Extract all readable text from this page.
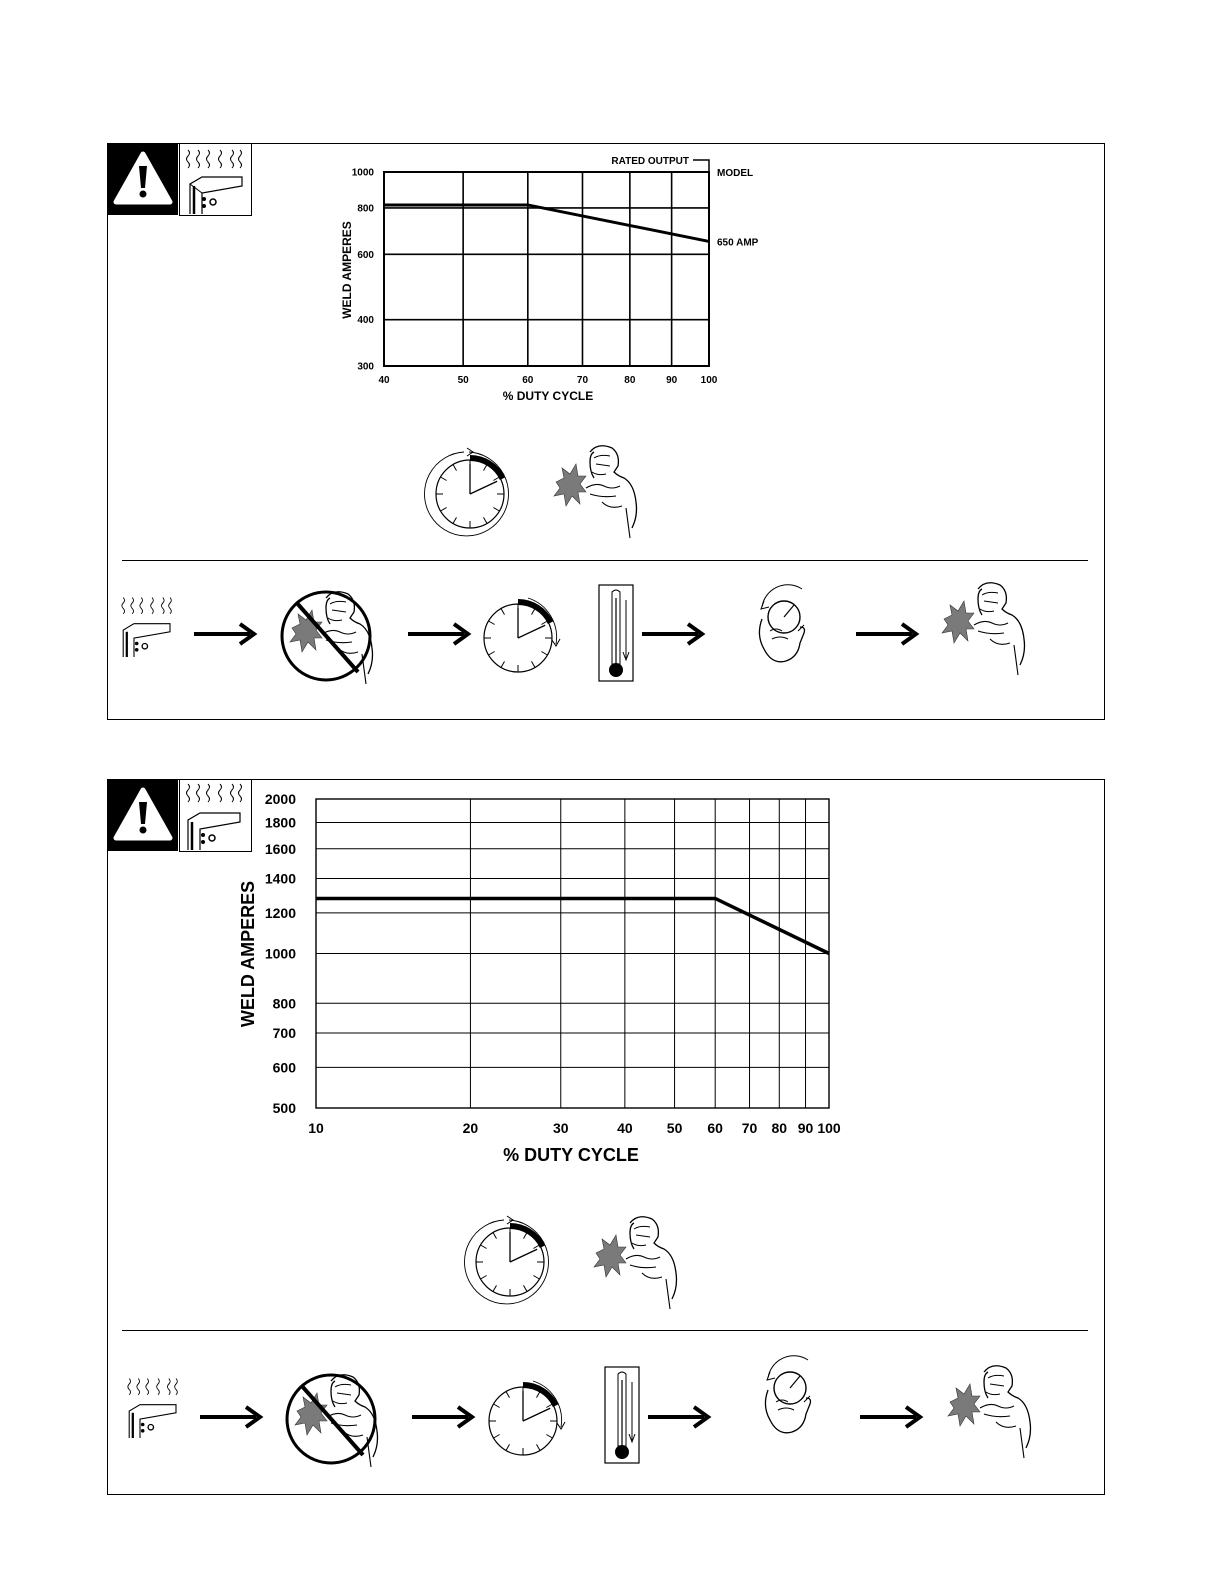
40	50	60	70	80	90 100
300
400
600
800
1000
% DUTY CYCLE
WELD AMPERES
RATED OUTPUT
MODEL
650 AMP
10	20	30	40 50 60 70 80 90 100
500
600
700
800
1000
1200
1400
1600
1800
2000
% DUTY CYCLE
WELD AMPERES
